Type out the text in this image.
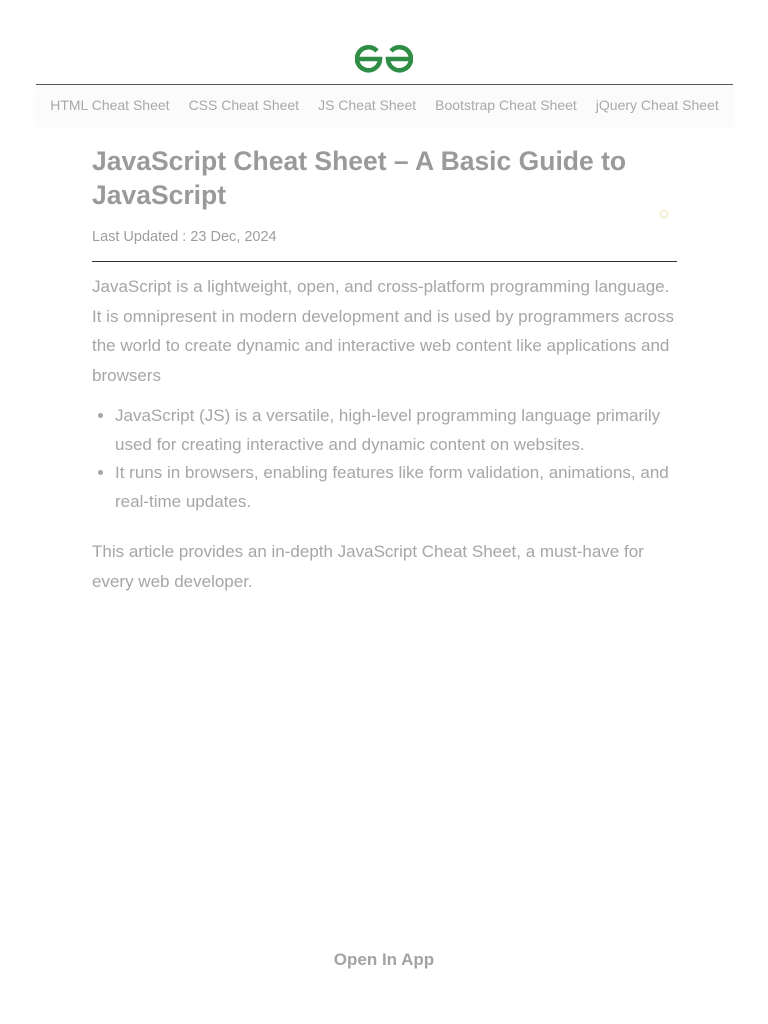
HTML Cheat Sheet CSS Cheat Sheet JS Cheat Sheet Bootstrap Cheat Sheet jQuery Cheat Sheet
JavaScript Cheat Sheet – A Basic Guide to JavaScript
Last Updated : 23 Dec, 2024

JavaScript is a lightweight, open, and cross-platform programming language. It is omnipresent in modern development and is used by programmers across the world to create dynamic and interactive web content like applications and browsers

• JavaScript (JS) is a versatile, high-level programming language primarily used for creating interactive and dynamic content on websites.
• It runs in browsers, enabling features like form validation, animations, and real-time updates.

This article provides an in-depth JavaScript Cheat Sheet, a must-have for every web developer.

Open In App
